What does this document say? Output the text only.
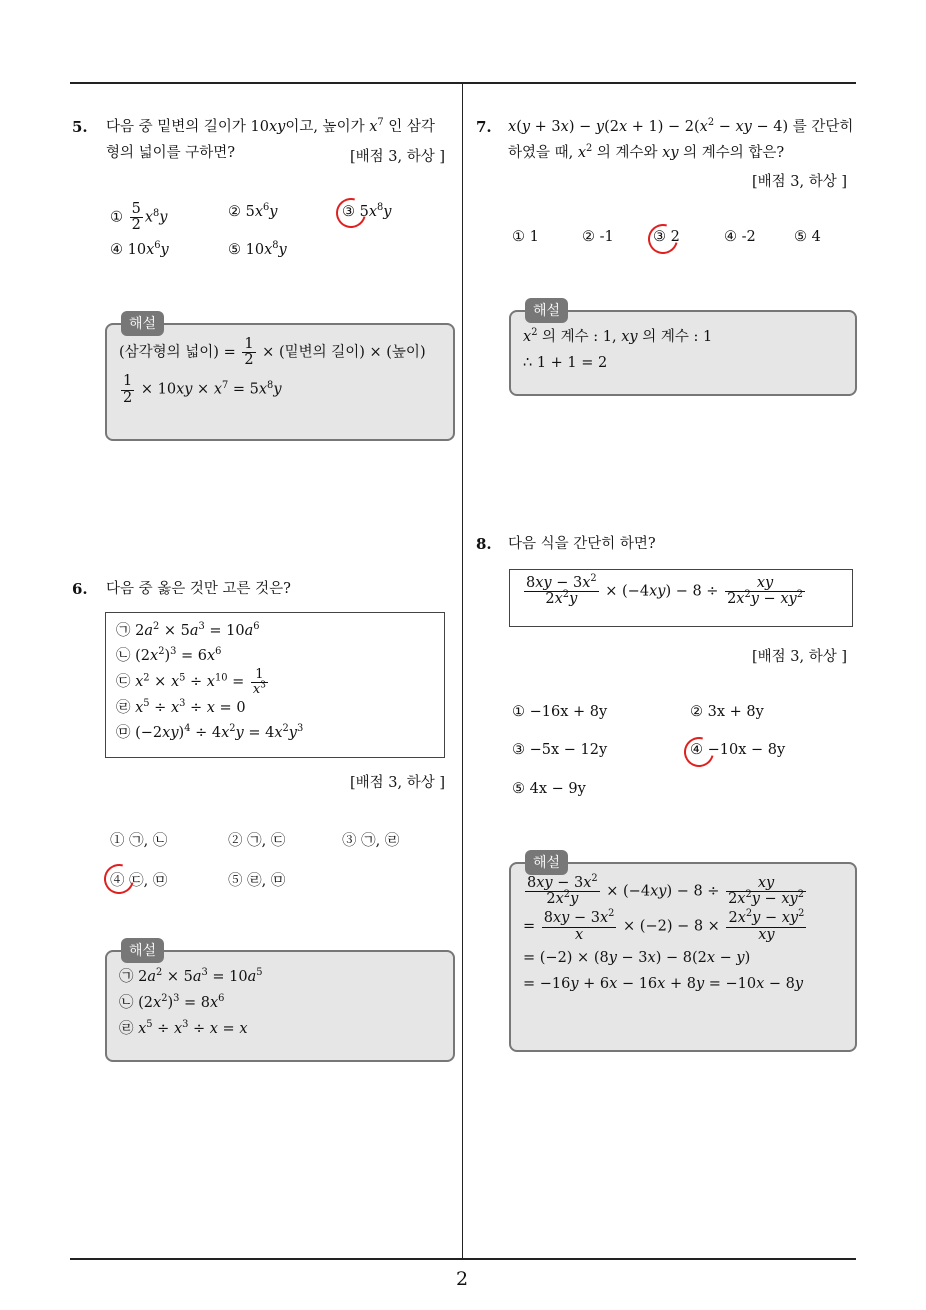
5. 다음 중 밑변의 길이가 10xy이고, 높이가 $x^7$ 인 삼각
형의 넓이를 구하면?	[배점 3, 하상 ]
① $\frac{5}{2} x^8y$	② $5x^6y$	③ $5x^8y$
④ $10x^6y$	⑤ $10x^8y$
해설
(삼각형의 넓이) = $\frac{1}{2}$ × (밑변의 길이) × (높이)
$\frac{1}{2} \times 10xy \times x^7 = 5x^8y$
6. 다음 중 옳은 것만 고른 것은?
㉠ $2a^2 \times 5a^3 = 10a^6$
㉡ $(2x^2)^3 = 6x^6$
㉢ $x^2 \times x^5 \div x^{10} = \frac{1}{x^3}$
㉣ $x^5 \div x^3 \div x = 0$
㉤ $(-2xy)^4 \div 4x^2y = 4x^2y^3$
[배점 3, 하상 ]
① ㉠, ㉡	② ㉠, ㉢	③ ㉠, ㉣
④ ㉢, ㉤	⑤ ㉣, ㉤
해설
㉠ $2a^2 \times 5a^3 = 10a^5$
㉡ $(2x^2)^3 = 8x^6$
㉣ $x^5 \div x^3 \div x = x$
7. $x(y + 3x) - y(2x + 1) - 2(x^2$ − xy − 4) 를 간단히
하였을 때, $x^2$ 의 계수와 xy 의 계수의 합은?
[배점 3, 하상 ]
① 1	② -1	③ 2	④ -2	⑤ 4
해설
$x^2$ 의 계수 : 1, xy 의 계수 : 1
∴ 1 + 1 = 2
8. 다음 식을 간단히 하면?
$\frac{8xy - 3x^2}{2x^2y} \times (-4xy) - 8 \div \frac{xy}{2x^2y - xy^2}$
[배점 3, 하상 ]
① −16x + 8y	② 3x + 8y
③ −5x − 12y	④ −10x − 8y
⑤ 4x − 9y
해설
$\frac{8xy - 3x^2}{2x^2y} \times (-4xy) - 8 \div \frac{xy}{2x^2y - xy^2}$
= $\frac{8xy - 3x^2}{x} \times (-2) - 8 \times \frac{2x^2y - xy^2}{xy}$
= (−2) × (8y − 3x) − 8(2x − y)
= −16y + 6x − 16x + 8y = −10x − 8y
2
